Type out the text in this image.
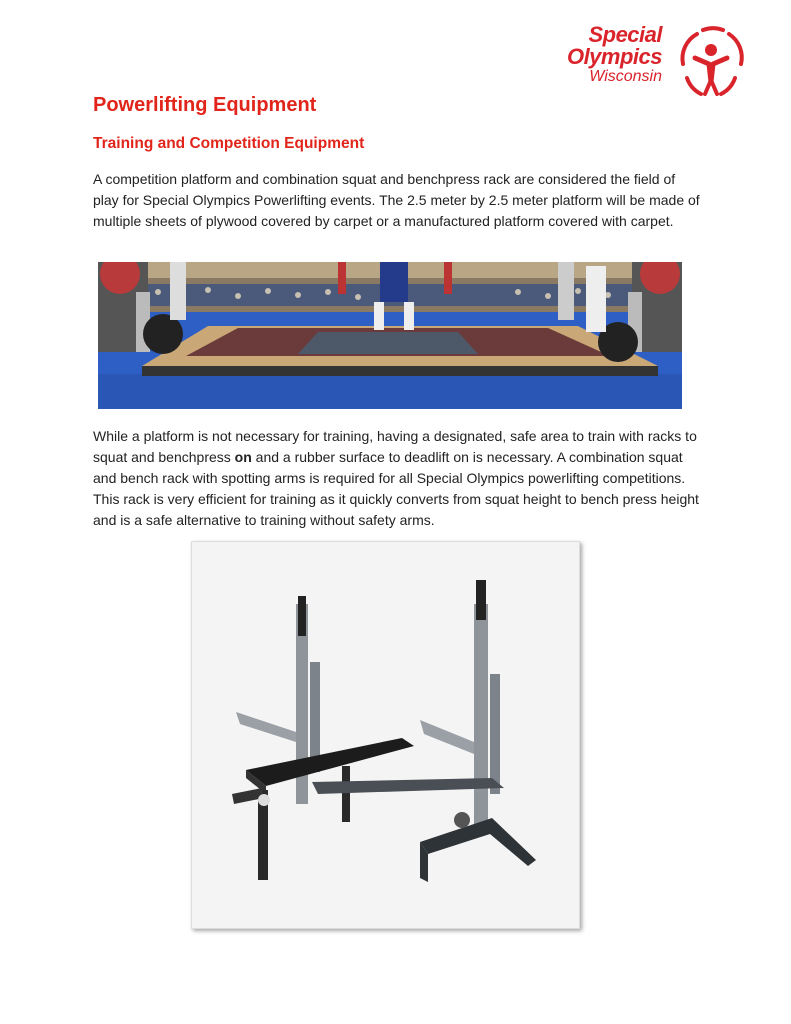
Special
Olympics
Wisconsin
Powerlifting Equipment
Training and Competition Equipment

A competition platform and combination squat and benchpress rack are considered the field of play for Special Olympics Powerlifting events. The 2.5 meter by 2.5 meter platform will be made of multiple sheets of plywood covered by carpet or a manufactured platform covered with carpet.

While a platform is not necessary for training, having a designated, safe area to train with racks to squat and benchpress on and a rubber surface to deadlift on is necessary. A combination squat and bench rack with spotting arms is required for all Special Olympics powerlifting competitions. This rack is very efficient for training as it quickly converts from squat height to bench press height and is a safe alternative to training without safety arms.
